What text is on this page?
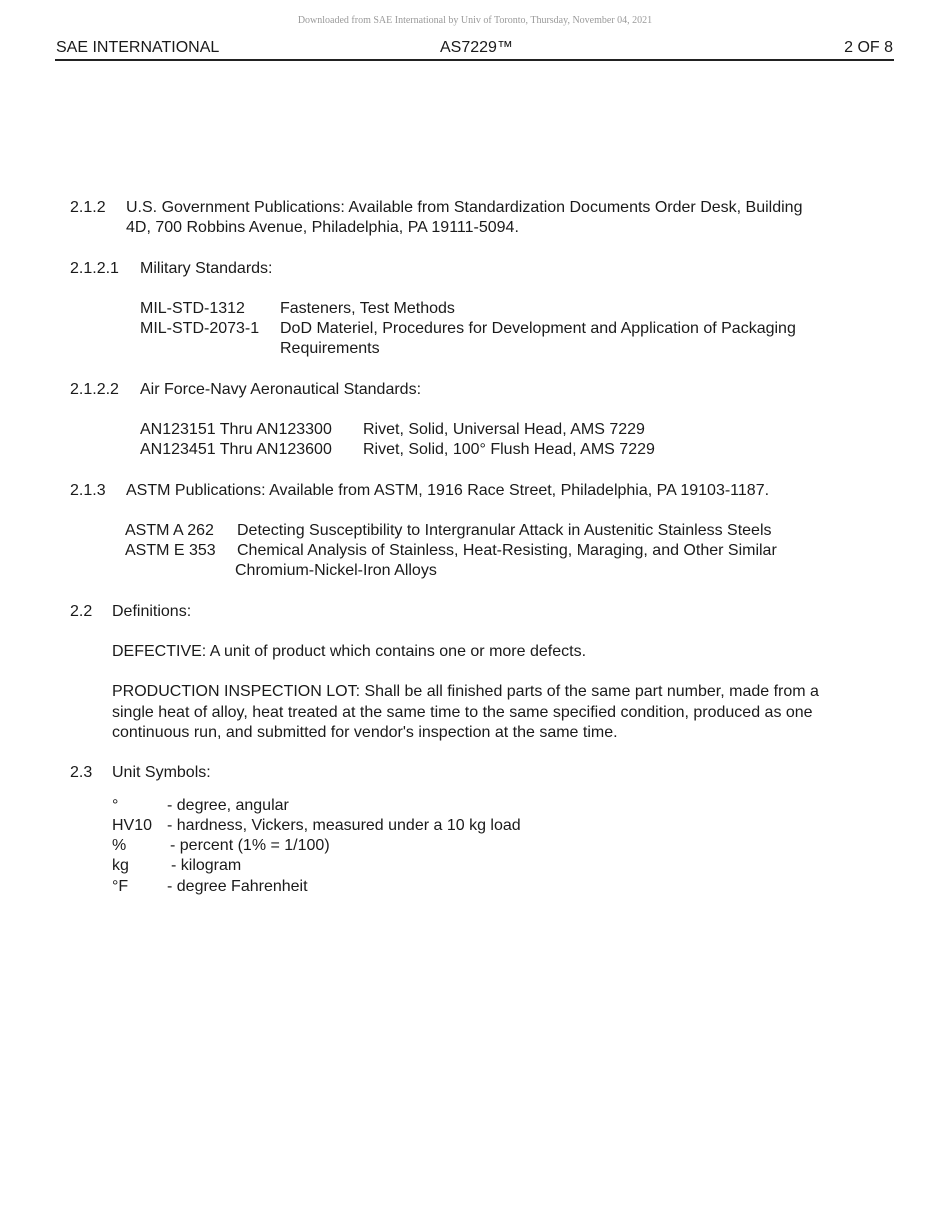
Downloaded from SAE International by Univ of Toronto, Thursday, November 04, 2021
SAE INTERNATIONAL	AS7229™	2 OF 8
2.1.2 U.S. Government Publications: Available from Standardization Documents Order Desk, Building
4D, 700 Robbins Avenue, Philadelphia, PA 19111-5094.
2.1.2.1 Military Standards:
MIL-STD-1312 Fasteners, Test Methods
MIL-STD-2073-1 DoD Materiel, Procedures for Development and Application of Packaging
Requirements
2.1.2.2 Air Force-Navy Aeronautical Standards:
AN123151 Thru AN123300 Rivet, Solid, Universal Head, AMS 7229
AN123451 Thru AN123600 Rivet, Solid, 100° Flush Head, AMS 7229
2.1.3 ASTM Publications: Available from ASTM, 1916 Race Street, Philadelphia, PA 19103-1187.
ASTM A 262 Detecting Susceptibility to Intergranular Attack in Austenitic Stainless Steels
ASTM E 353 Chemical Analysis of Stainless, Heat-Resisting, Maraging, and Other Similar
Chromium-Nickel-Iron Alloys
2.2 Definitions:
DEFECTIVE: A unit of product which contains one or more defects.
PRODUCTION INSPECTION LOT: Shall be all finished parts of the same part number, made from a
single heat of alloy, heat treated at the same time to the same specified condition, produced as one
continuous run, and submitted for vendor's inspection at the same time.
2.3 Unit Symbols:
°	- degree, angular
HV10 - hardness, Vickers, measured under a 10 kg load
%	- percent (1% = 1/100)
kg	- kilogram
°F - degree Fahrenheit
